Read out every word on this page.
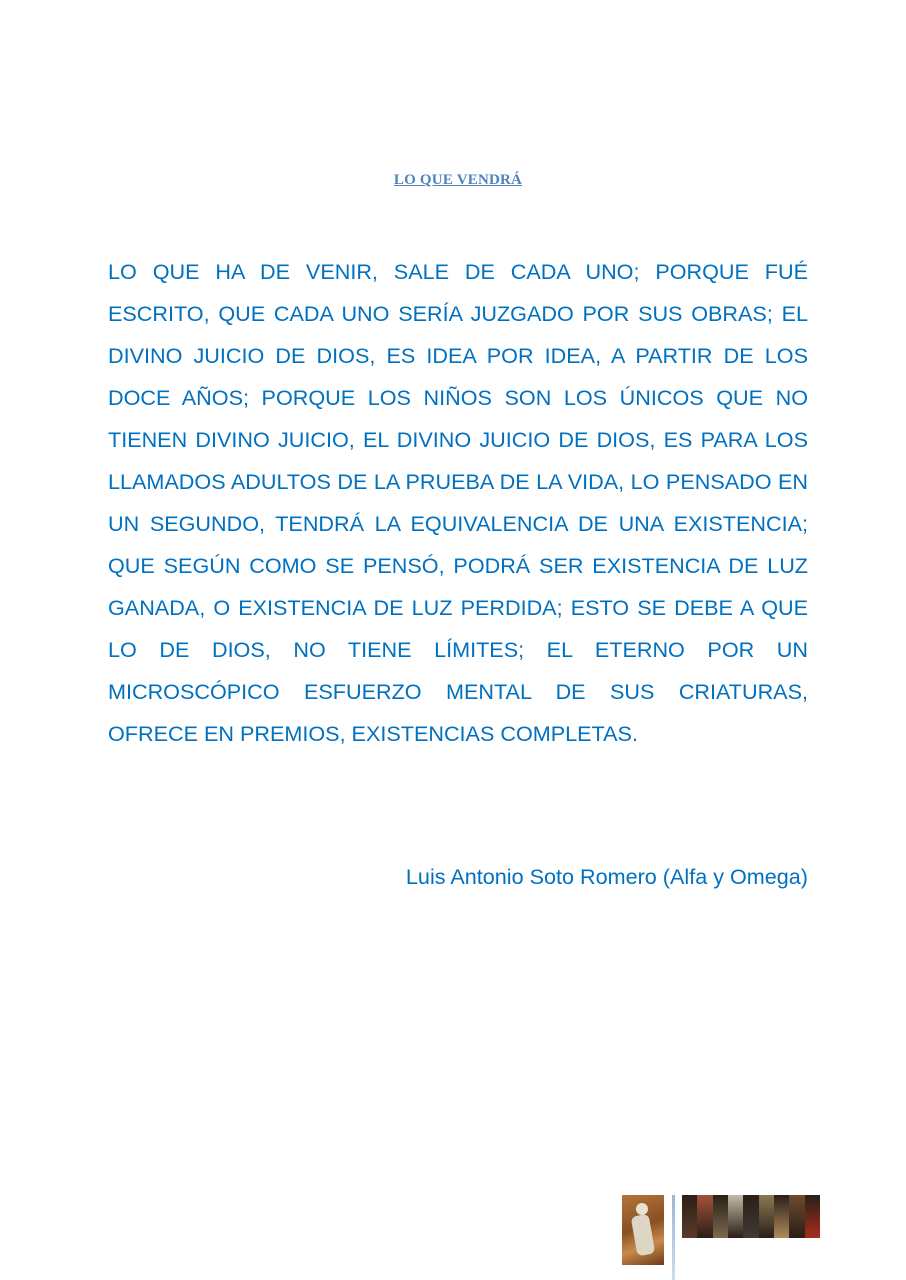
LO QUE VENDRÁ

LO QUE HA DE VENIR, SALE DE CADA UNO; PORQUE FUÉ ESCRITO, QUE CADA UNO SERÍA JUZGADO POR SUS OBRAS; EL DIVINO JUICIO DE DIOS, ES IDEA POR IDEA, A PARTIR DE LOS DOCE AÑOS; PORQUE LOS NIÑOS SON LOS ÚNICOS QUE NO TIENEN DIVINO JUICIO, EL DIVINO JUICIO DE DIOS, ES PARA LOS LLAMADOS ADULTOS DE LA PRUEBA DE LA VIDA, LO PENSADO EN UN SEGUNDO, TENDRÁ LA EQUIVALENCIA DE UNA EXISTENCIA; QUE SEGÚN COMO SE PENSÓ, PODRÁ SER EXISTENCIA DE LUZ GANADA, O EXISTENCIA DE LUZ PERDIDA; ESTO SE DEBE A QUE LO DE DIOS, NO TIENE LÍMITES; EL ETERNO POR UN MICROSCÓPICO ESFUERZO MENTAL DE SUS CRIATURAS, OFRECE EN PREMIOS, EXISTENCIAS COMPLETAS.

Luis Antonio Soto Romero (Alfa y Omega)
